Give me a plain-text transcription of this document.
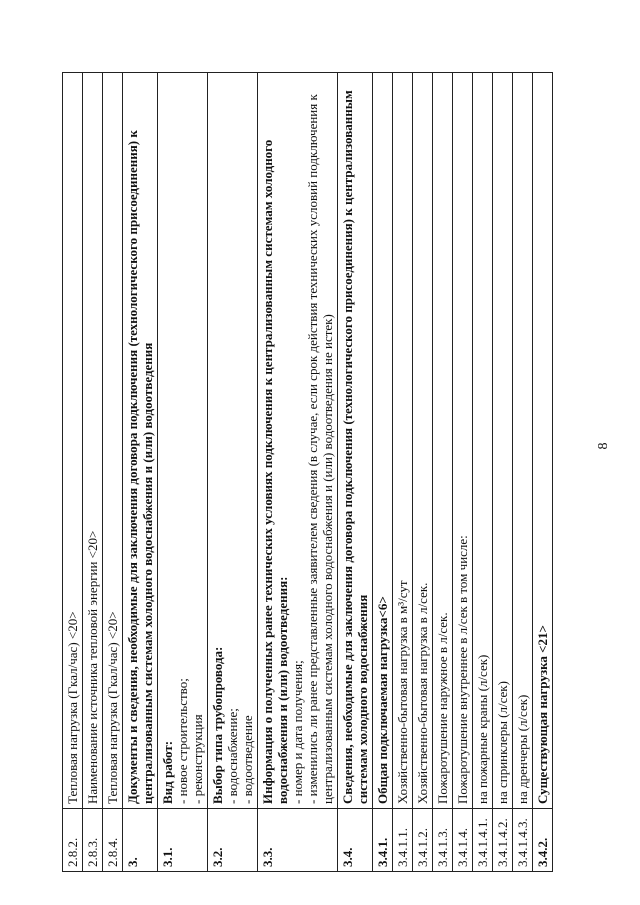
8
2.8.2.	Тепловая нагрузка (Гкал/час) <20>

2.8.3.	Наименование источника тепловой энергии <20>

2.8.4.	Тепловая нагрузка (Гкал/час) <20>

3.	Документы и сведения, необходимые для заключения договора подключения (технологического присоединения) к централизованным системам холодного водоснабжения и (или) водоотведения

3.1.	Вид работ: - новое строительство; - реконструкция

3.2.	Выбор типа трубопровода: - водоснабжение; - водоотведение

3.3.	Информация о полученных ранее технических условиях подключения к централизованным системам холодного водоснабжения и (или) водоотведения: - номер и дата получения; - изменились ли ранее представленные заявителем сведения (в случае, если срок действия технических условий подключения к централизованным системам холодного водоснабжения и (или) водоотведения не истек)

3.4.	Сведения, необходимые для заключения договора подключения (технологического присоединения) к централизованным системам холодного водоснабжения

3.4.1.	Общая подключаемая нагрузка<6>

3.4.1.1.	Хозяйственно-бытовая нагрузка в м³/сут

3.4.1.2.	Хозяйственно-бытовая нагрузка в л/сек.

3.4.1.3.	Пожаротушение наружное в л/сек.

3.4.1.4.	Пожаротушение внутреннее в л/сек в том числе:

3.4.1.4.1.	на пожарные краны (л/сек)

3.4.1.4.2.	на спринклеры (л/сек)

3.4.1.4.3.	на дренчеры (л/сек)

3.4.2.	Существующая нагрузка <21>
